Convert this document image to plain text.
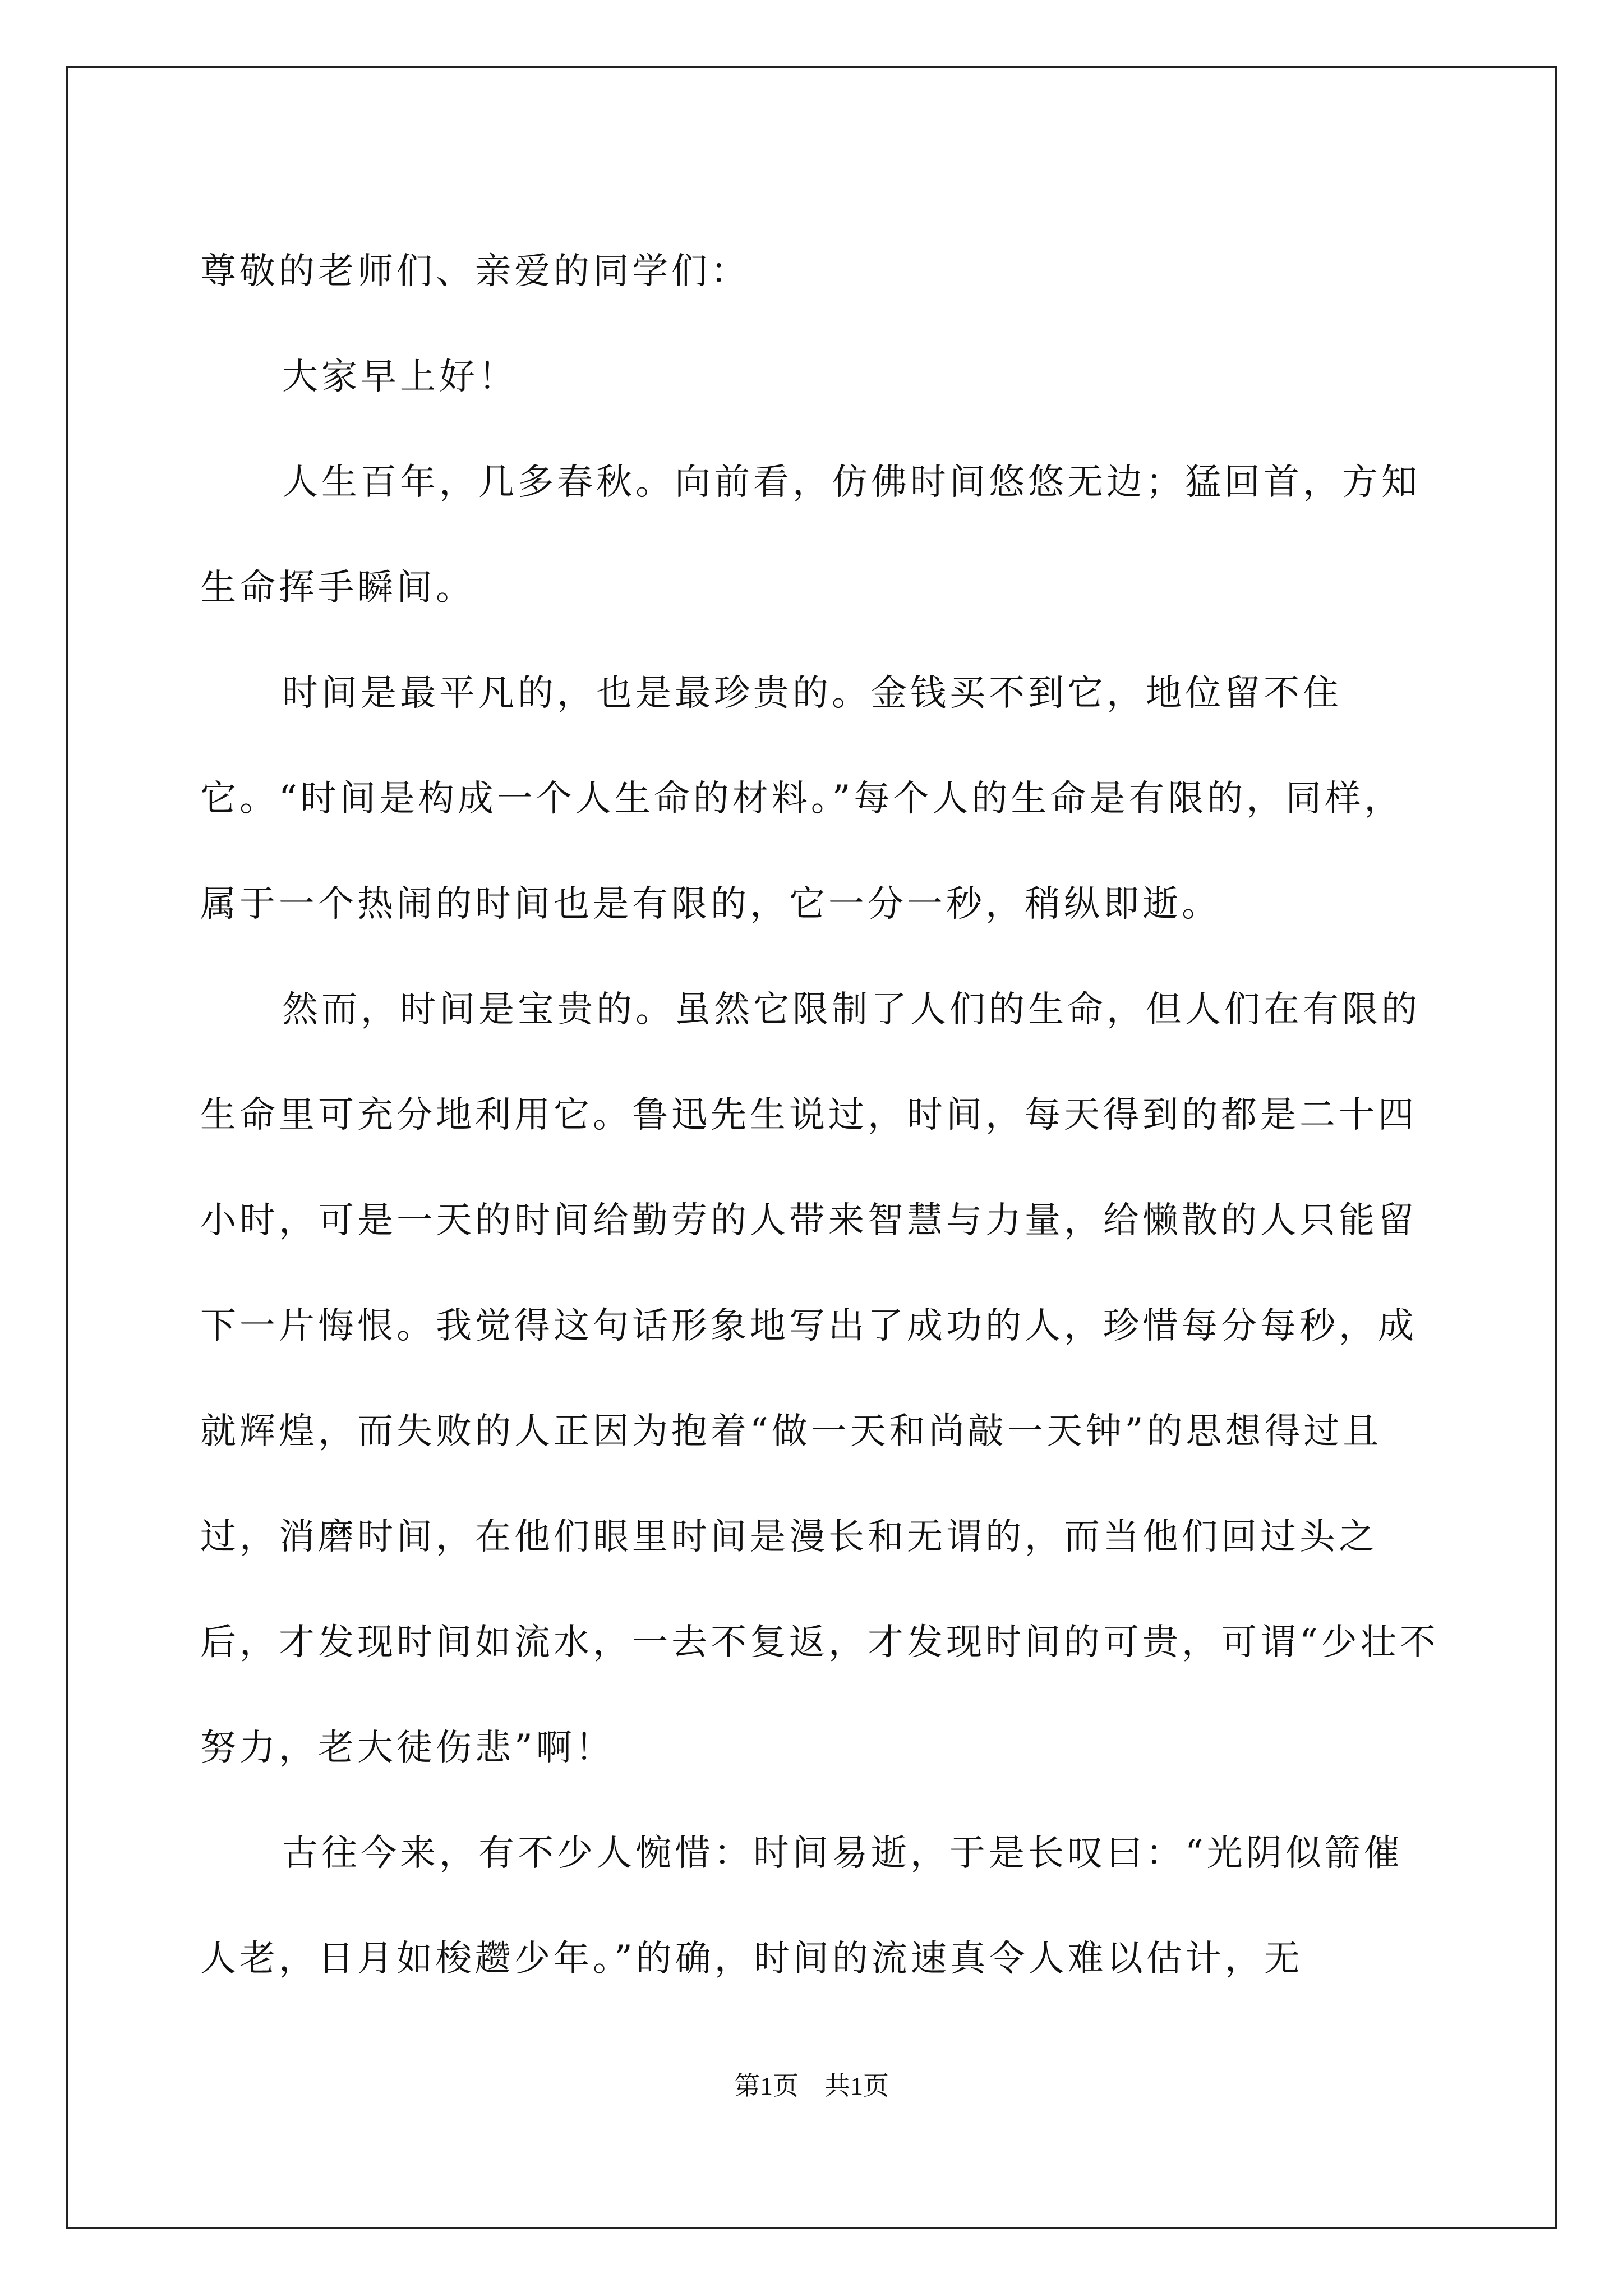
尊敬的老师们、亲爱的同学们：

大家早上好！

人生百年，几多春秋。向前看，仿佛时间悠悠无边；猛回首，方知生命挥手瞬间。

时间是最平凡的，也是最珍贵的。金钱买不到它，地位留不住它。“时间是构成一个人生命的材料。”每个人的生命是有限的，同样，属于一个热闹的时间也是有限的，它一分一秒，稍纵即逝。

然而，时间是宝贵的。虽然它限制了人们的生命，但人们在有限的生命里可充分地利用它。鲁迅先生说过，时间，每天得到的都是二十四小时，可是一天的时间给勤劳的人带来智慧与力量，给懒散的人只能留下一片悔恨。我觉得这句话形象地写出了成功的人，珍惜每分每秒，成就辉煌，而失败的人正因为抱着“做一天和尚敲一天钟”的思想得过且过，消磨时间，在他们眼里时间是漫长和无谓的，而当他们回过头之后，才发现时间如流水，一去不复返，才发现时间的可贵，可谓“少壮不努力，老大徒伤悲”啊！

古往今来，有不少人惋惜：时间易逝，于是长叹曰：“光阴似箭催人老，日月如梭趱少年。”的确，时间的流速真令人难以估计，无

第1页　共1页
